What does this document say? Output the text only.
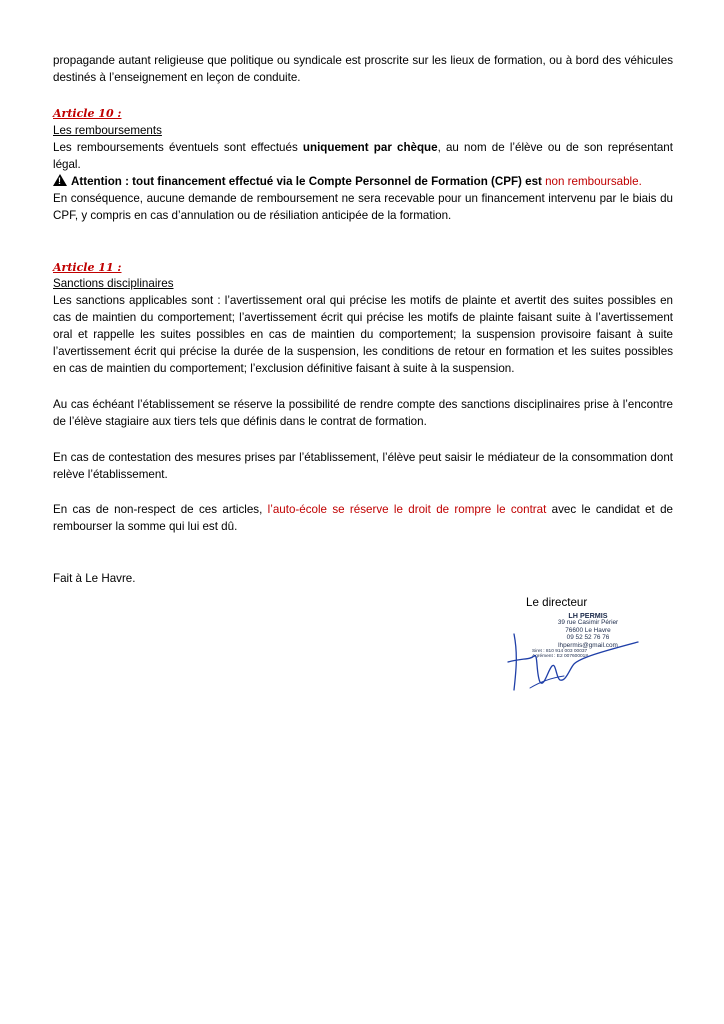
propagande autant religieuse que politique ou syndicale est proscrite sur les lieux de formation, ou à bord des véhicules destinés à l’enseignement en leçon de conduite.

Article 10 :

Les remboursements

Les remboursements éventuels sont effectués uniquement par chèque, au nom de l’élève ou de son représentant légal.

!Attention : tout financement effectué via le Compte Personnel de Formation (CPF) est non remboursable.

En conséquence, aucune demande de remboursement ne sera recevable pour un financement intervenu par le biais du CPF, y compris en cas d’annulation ou de résiliation anticipée de la formation.

Article 11 :

Sanctions disciplinaires

Les sanctions applicables sont : l’avertissement oral qui précise les motifs de plainte et avertit des suites possibles en cas de maintien du comportement; l’avertissement écrit qui précise les motifs de plainte faisant suite à l’avertissement oral et rappelle les suites possibles en cas de maintien du comportement; la suspension provisoire faisant à suite l’avertissement écrit qui précise la durée de la suspension, les conditions de retour en formation et les suites possibles en cas de maintien du comportement; l’exclusion définitive faisant à suite à la suspension.

Au cas échéant l’établissement se réserve la possibilité de rendre compte des sanctions disciplinaires prise à l’encontre de l’élève stagiaire aux tiers tels que définis dans le contrat de formation.

En cas de contestation des mesures prises par l’établissement, l’élève peut saisir le médiateur de la consommation dont relève l’établissement.

En cas de non-respect de ces articles, l’auto-école se réserve le droit de rompre le contrat avec le candidat et de rembourser la somme qui lui est dû.

Fait à Le Havre.

Le directeur

LH PERMIS
39 rue Casimir Périer
76600 Le Havre
09 52 52 76 76
lhpermis@gmail.com
Siret : 810 914 003 00037
Agrément : E2 007600018
